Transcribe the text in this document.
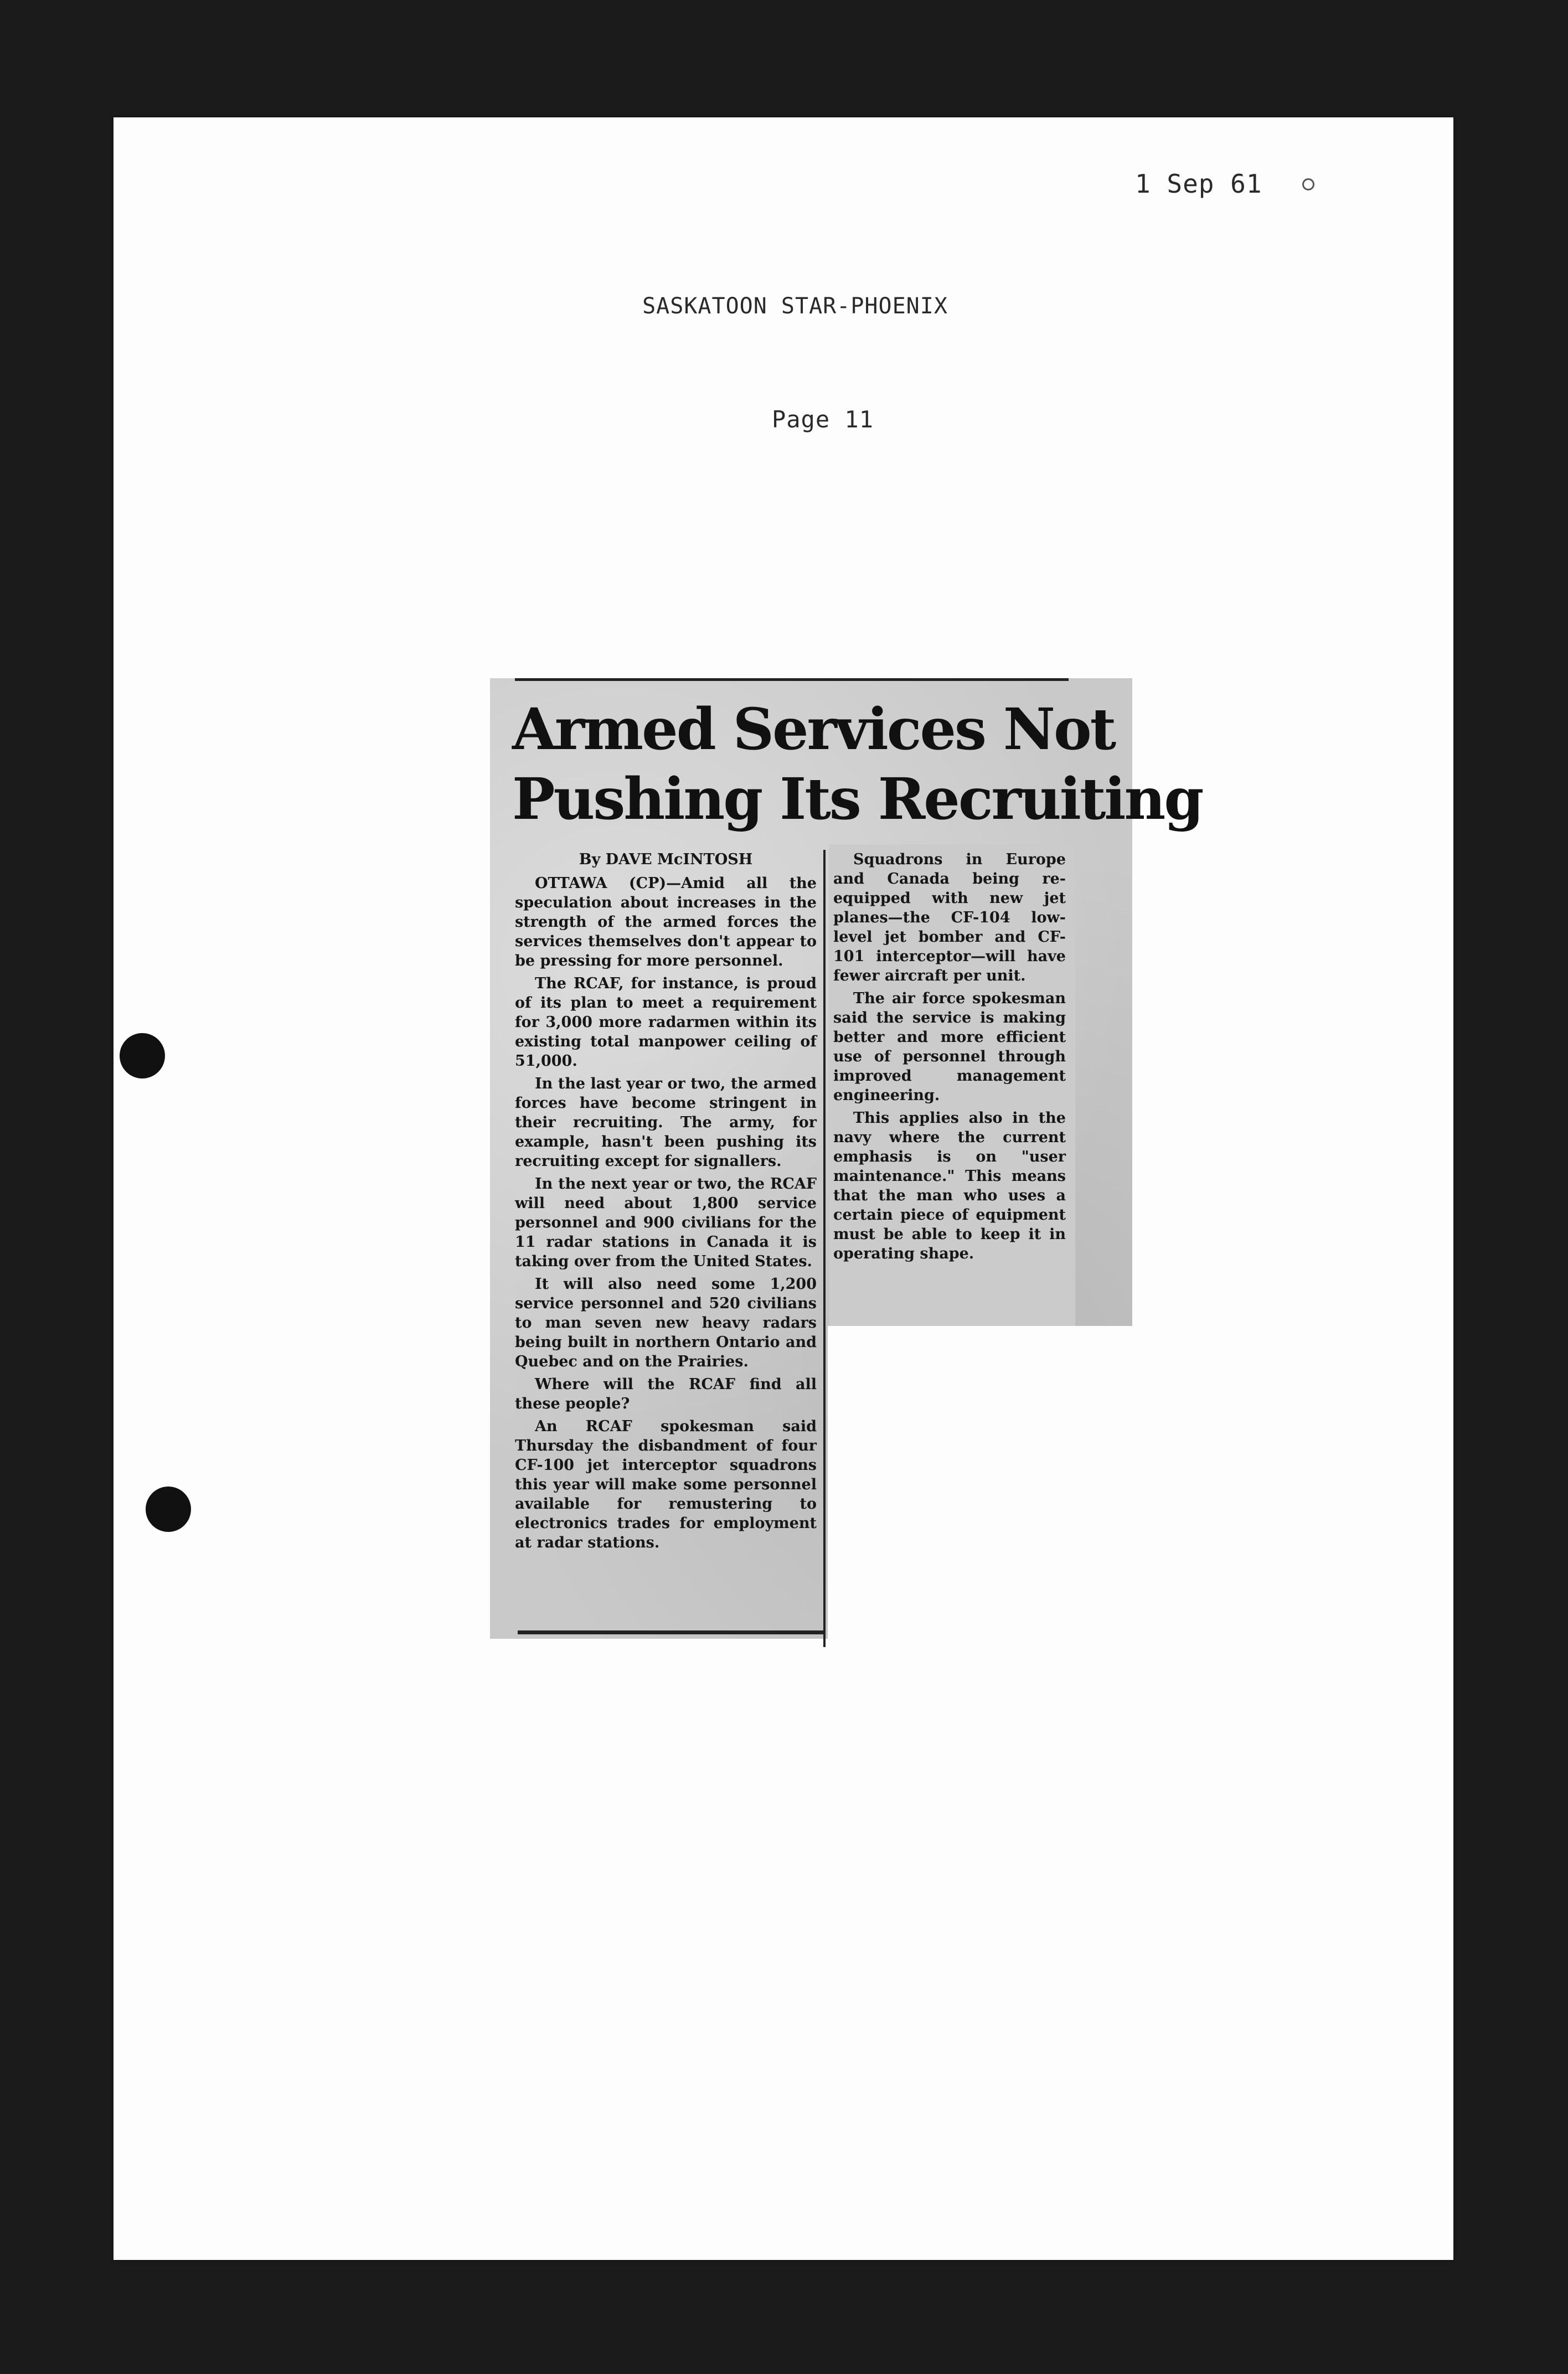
1 Sep 61
SASKATOON STAR-PHOENIX
Page 11
Armed Services Not
Pushing Its Recruiting
By DAVE McINTOSH

OTTAWA (CP)—Amid all the speculation about increases in the strength of the armed forces the services themselves don't appear to be pressing for more personnel.

The RCAF, for instance, is proud of its plan to meet a requirement for 3,000 more radarmen within its existing total manpower ceiling of 51,000.

In the last year or two, the armed forces have become stringent in their recruiting. The army, for example, hasn't been pushing its recruiting except for signallers.

In the next year or two, the RCAF will need about 1,800 service personnel and 900 civilians for the 11 radar stations in Canada it is taking over from the United States.

It will also need some 1,200 service personnel and 520 civilians to man seven new heavy radars being built in northern Ontario and Quebec and on the Prairies.

Where will the RCAF find all these people?

An RCAF spokesman said Thursday the disbandment of four CF-100 jet interceptor squadrons this year will make some personnel available for remustering to electronics trades for employment at radar stations.

Squadrons in Europe and Canada being re-equipped with new jet planes—the CF-104 low-level jet bomber and CF-101 interceptor—will have fewer aircraft per unit.

The air force spokesman said the service is making better and more efficient use of personnel through improved management engineering.

This applies also in the navy where the current emphasis is on "user maintenance." This means that the man who uses a certain piece of equipment must be able to keep it in operating shape.
